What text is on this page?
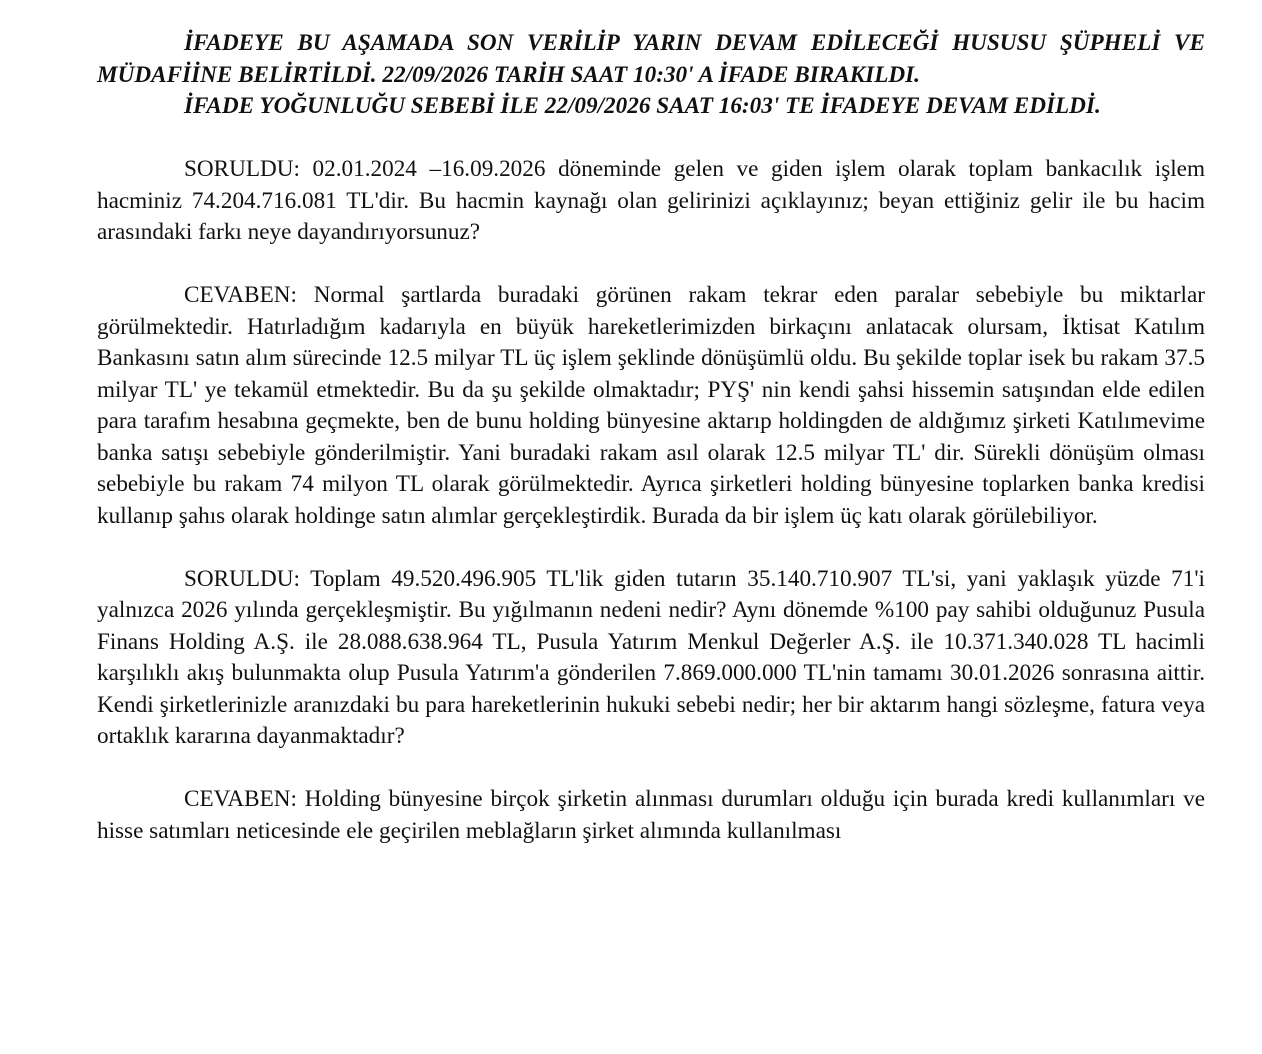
İFADEYE BU AŞAMADA SON VERİLİP YARIN DEVAM EDİLECEĞİ HUSUSU ŞÜPHELİ VE MÜDAFİİNE BELİRTİLDİ. 22/09/2026 TARİH SAAT 10:30' A İFADE BIRAKILDI.

İFADE YOĞUNLUĞU SEBEBİ İLE 22/09/2026 SAAT 16:03' TE İFADEYE DEVAM EDİLDİ.

SORULDU: 02.01.2024 –16.09.2026 döneminde gelen ve giden işlem olarak toplam bankacılık işlem hacminiz 74.204.716.081 TL'dir. Bu hacmin kaynağı olan gelirinizi açıklayınız; beyan ettiğiniz gelir ile bu hacim arasındaki farkı neye dayandırıyorsunuz?

CEVABEN: Normal şartlarda buradaki görünen rakam tekrar eden paralar sebebiyle bu miktarlar görülmektedir. Hatırladığım kadarıyla en büyük hareketlerimizden birkaçını anlatacak olursam, İktisat Katılım Bankasını satın alım sürecinde 12.5 milyar TL üç işlem şeklinde dönüşümlü oldu. Bu şekilde toplar isek bu rakam 37.5 milyar TL' ye tekamül etmektedir. Bu da şu şekilde olmaktadır; PYŞ' nin kendi şahsi hissemin satışından elde edilen para tarafım hesabına geçmekte, ben de bunu holding bünyesine aktarıp holdingden de aldığımız şirketi Katılımevime banka satışı sebebiyle gönderilmiştir. Yani buradaki rakam asıl olarak 12.5 milyar TL' dir. Sürekli dönüşüm olması sebebiyle bu rakam 74 milyon TL olarak görülmektedir. Ayrıca şirketleri holding bünyesine toplarken banka kredisi kullanıp şahıs olarak holdinge satın alımlar gerçekleştirdik. Burada da bir işlem üç katı olarak görülebiliyor.

SORULDU: Toplam 49.520.496.905 TL'lik giden tutarın 35.140.710.907 TL'si, yani yaklaşık yüzde 71'i yalnızca 2026 yılında gerçekleşmiştir. Bu yığılmanın nedeni nedir? Aynı dönemde %100 pay sahibi olduğunuz Pusula Finans Holding A.Ş. ile 28.088.638.964 TL, Pusula Yatırım Menkul Değerler A.Ş. ile 10.371.340.028 TL hacimli karşılıklı akış bulunmakta olup Pusula Yatırım'a gönderilen 7.869.000.000 TL'nin tamamı 30.01.2026 sonrasına aittir. Kendi şirketlerinizle aranızdaki bu para hareketlerinin hukuki sebebi nedir; her bir aktarım hangi sözleşme, fatura veya ortaklık kararına dayanmaktadır?

CEVABEN: Holding bünyesine birçok şirketin alınması durumları olduğu için burada kredi kullanımları ve hisse satımları neticesinde ele geçirilen meblağların şirket alımında kullanılması
